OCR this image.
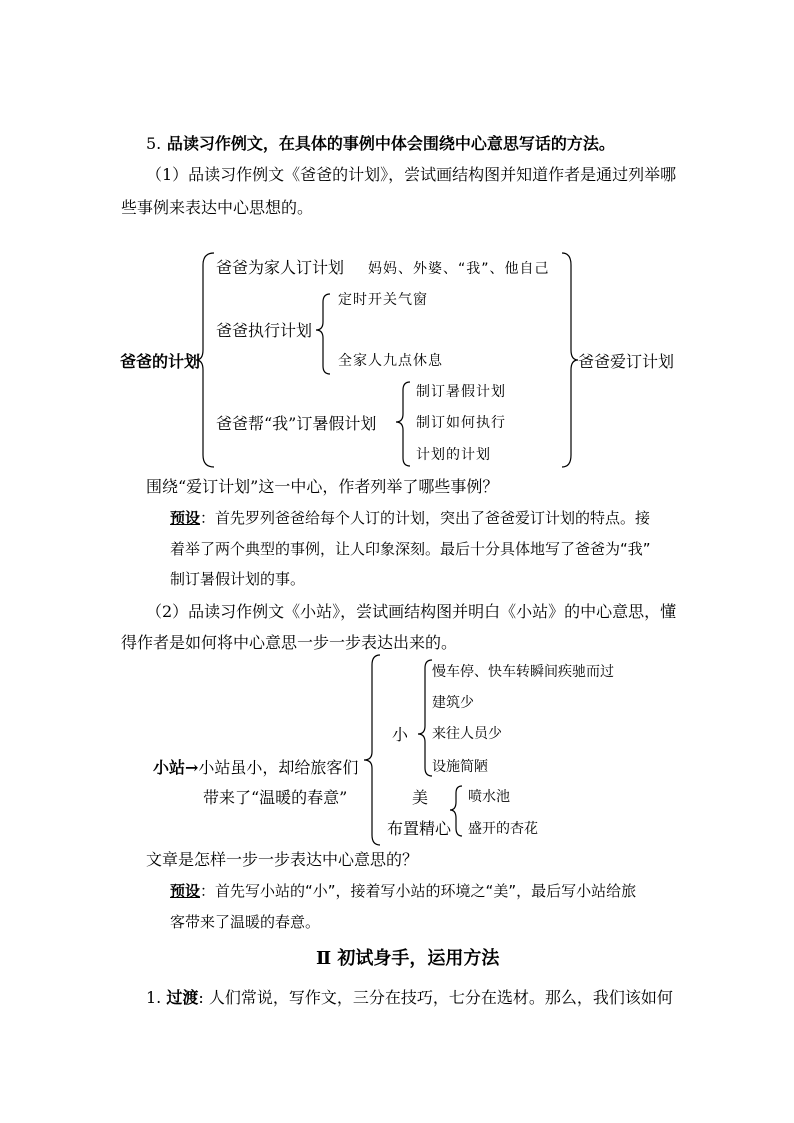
5. 品读习作例文，在具体的事例中体会围绕中心意思写话的方法。
（1）品读习作例文《爸爸的计划》，尝试画结构图并知道作者是通过列举哪
些事例来表达中心思想的。
爸爸的计划	爸爸爱订计划
爸爸为家人订计划 妈妈、外婆、“我”、他自己
爸爸执行计划
定时开关气窗
全家人九点休息
爸爸帮“我”订暑假计划
制订暑假计划
制订如何执行
计划的计划
围绕“爱订计划”这一中心，作者列举了哪些事例？
预设：首先罗列爸爸给每个人订的计划，突出了爸爸爱订计划的特点。接
着举了两个典型的事例，让人印象深刻。最后十分具体地写了爸爸为“我”
制订暑假计划的事。
（2）品读习作例文《小站》，尝试画结构图并明白《小站》的中心意思，懂
得作者是如何将中心意思一步一步表达出来的。
小站→小站虽小，却给旅客们
带来了“温暖的春意”
小
慢车停、快车转瞬间疾驰而过
建筑少
来往人员少
设施简陋
美
布置精心
喷水池
盛开的杏花
文章是怎样一步一步表达中心意思的？
预设：首先写小站的“小”，接着写小站的环境之“美”，最后写小站给旅
客带来了温暖的春意。
Ⅱ 初试身手，运用方法
1. 过渡: 人们常说，写作文，三分在技巧，七分在选材。那么，我们该如何
